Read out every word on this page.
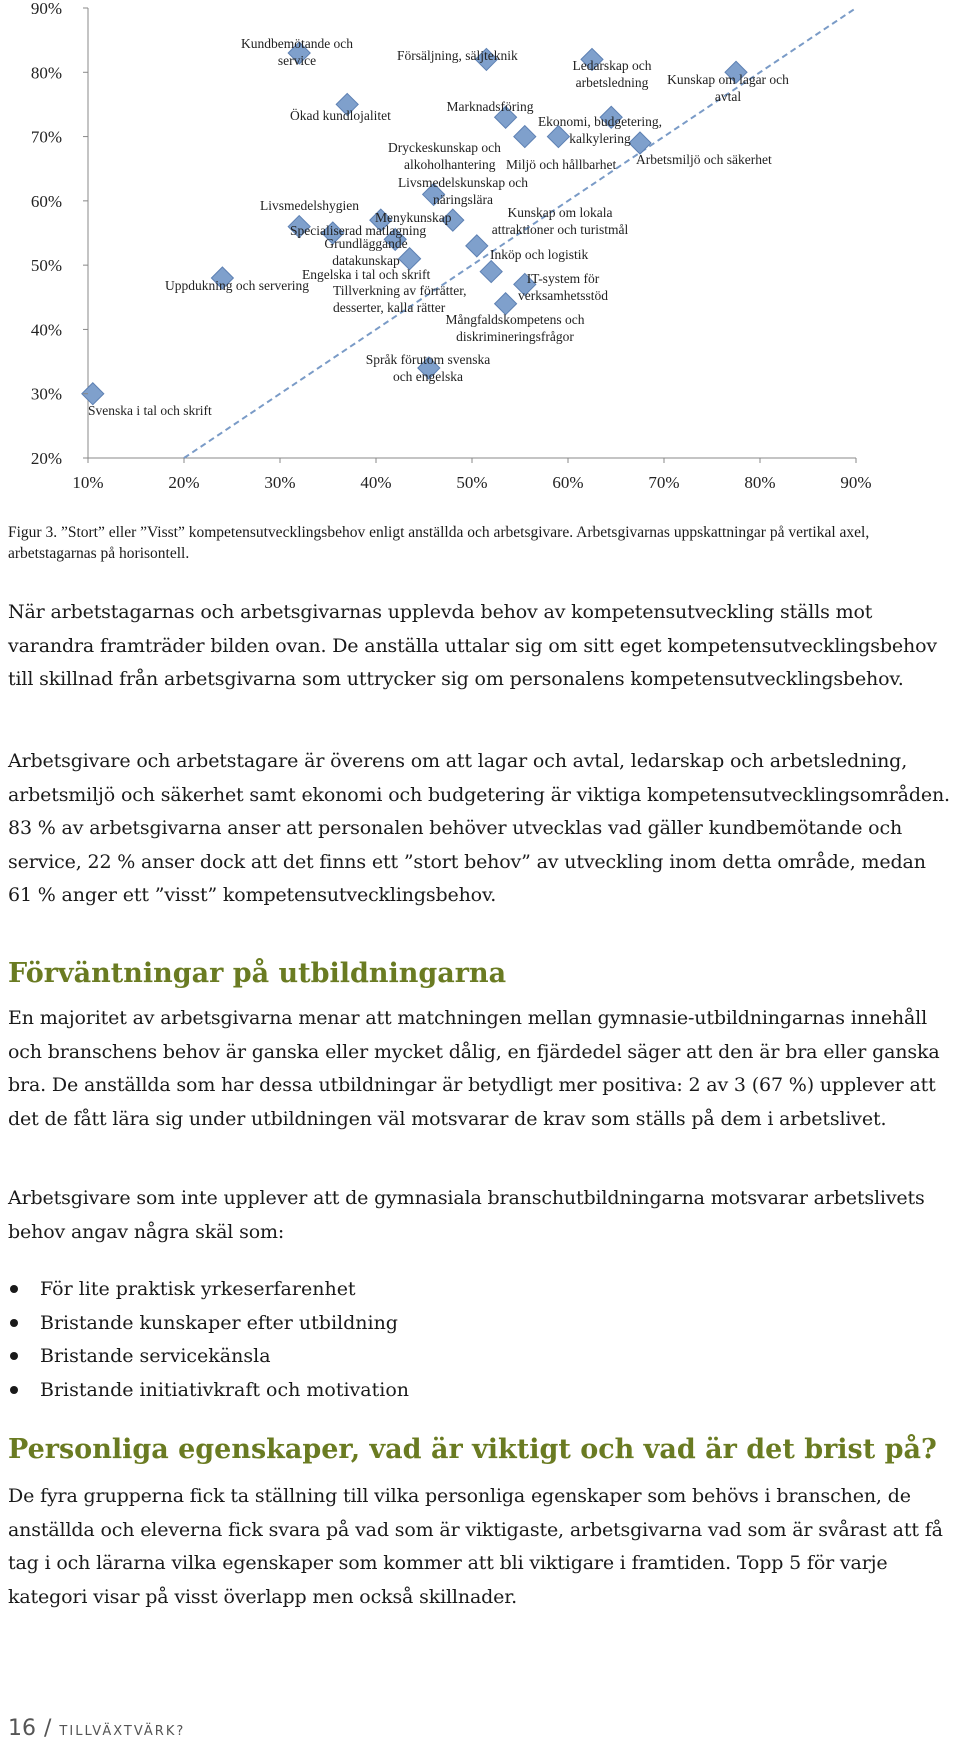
Svenska i tal och skrift
Uppdukning och servering
Kundbemötande och
service
Ökad kundlojalitet
Försäljning, säljteknik
Ledarskap och
arbetsledning Kunskap om lagar och
avtal
Marknadsföring
Ekonomi, budgetering,
kalkylering
Dryckeskunskap och
alkoholhantering Miljö och hållbarhet Arbetsmiljö och säkerhet
Livsmedelskunskap och
näringslära
Livsmedelshygien
Menykunskap	Kunskap om lokala
attraktioner och turistmål
Specialiserad matlagning
Grundläggande
datakunskap	Inköp och logistik
Engelska i tal och skrift	IT-system för
verksamhetsstöd
Tillverkning av förrätter,
desserter, kalla rätter
Mångfaldskompetens och
diskrimineringsfrågor
Språk förutom svenska
och engelska
20%
30%
40%
50%
60%
70%
80%
90%
10%	20%	30%	40%	50%	60%	70%	80%	90%
Figur 3. ”Stort” eller ”Visst” kompetensutvecklingsbehov enligt anställda och arbetsgivare. Arbetsgivarnas uppskattningar på vertikal axel, arbetstagarnas på horisontell.

När arbetstagarnas och arbetsgivarnas upplevda behov av kompetensutveckling ställs mot varandra framträder bilden ovan. De anställa uttalar sig om sitt eget kompetensutvecklingsbehov till skillnad från arbetsgivarna som uttrycker sig om personalens kompetensutvecklingsbehov.

Arbetsgivare och arbetstagare är överens om att lagar och avtal, ledarskap och arbetsledning, arbetsmiljö och säkerhet samt ekonomi och budgetering är viktiga kompetensutvecklingsområden. 83 % av arbetsgivarna anser att personalen behöver utvecklas vad gäller kundbemötande och service, 22 % anser dock att det finns ett ”stort behov” av utveckling inom detta område, medan 61 % anger ett ”visst” kompetensutvecklingsbehov.

Förväntningar på utbildningarna

En majoritet av arbetsgivarna menar att matchningen mellan gymnasie-utbildningarnas innehåll och branschens behov är ganska eller mycket dålig, en fjärdedel säger att den är bra eller ganska bra. De anställda som har dessa utbildningar är betydligt mer positiva: 2 av 3 (67 %) upplever att det de fått lära sig under utbildningen väl motsvarar de krav som ställs på dem i arbetslivet.

Arbetsgivare som inte upplever att de gymnasiala branschutbildningarna motsvarar arbetslivets behov angav några skäl som:

För lite praktisk yrkeserfarenhet
Bristande kunskaper efter utbildning
Bristande servicekänsla
Bristande initiativkraft och motivation
Personliga egenskaper, vad är viktigt och vad är det brist på?

De fyra grupperna fick ta ställning till vilka personliga egenskaper som behövs i branschen, de anställda och eleverna fick svara på vad som är viktigaste, arbetsgivarna vad som är svårast att få tag i och lärarna vilka egenskaper som kommer att bli viktigare i framtiden. Topp 5 för varje kategori visar på visst överlapp men också skillnader.

16 / TILLVÄXTVÄRK?
